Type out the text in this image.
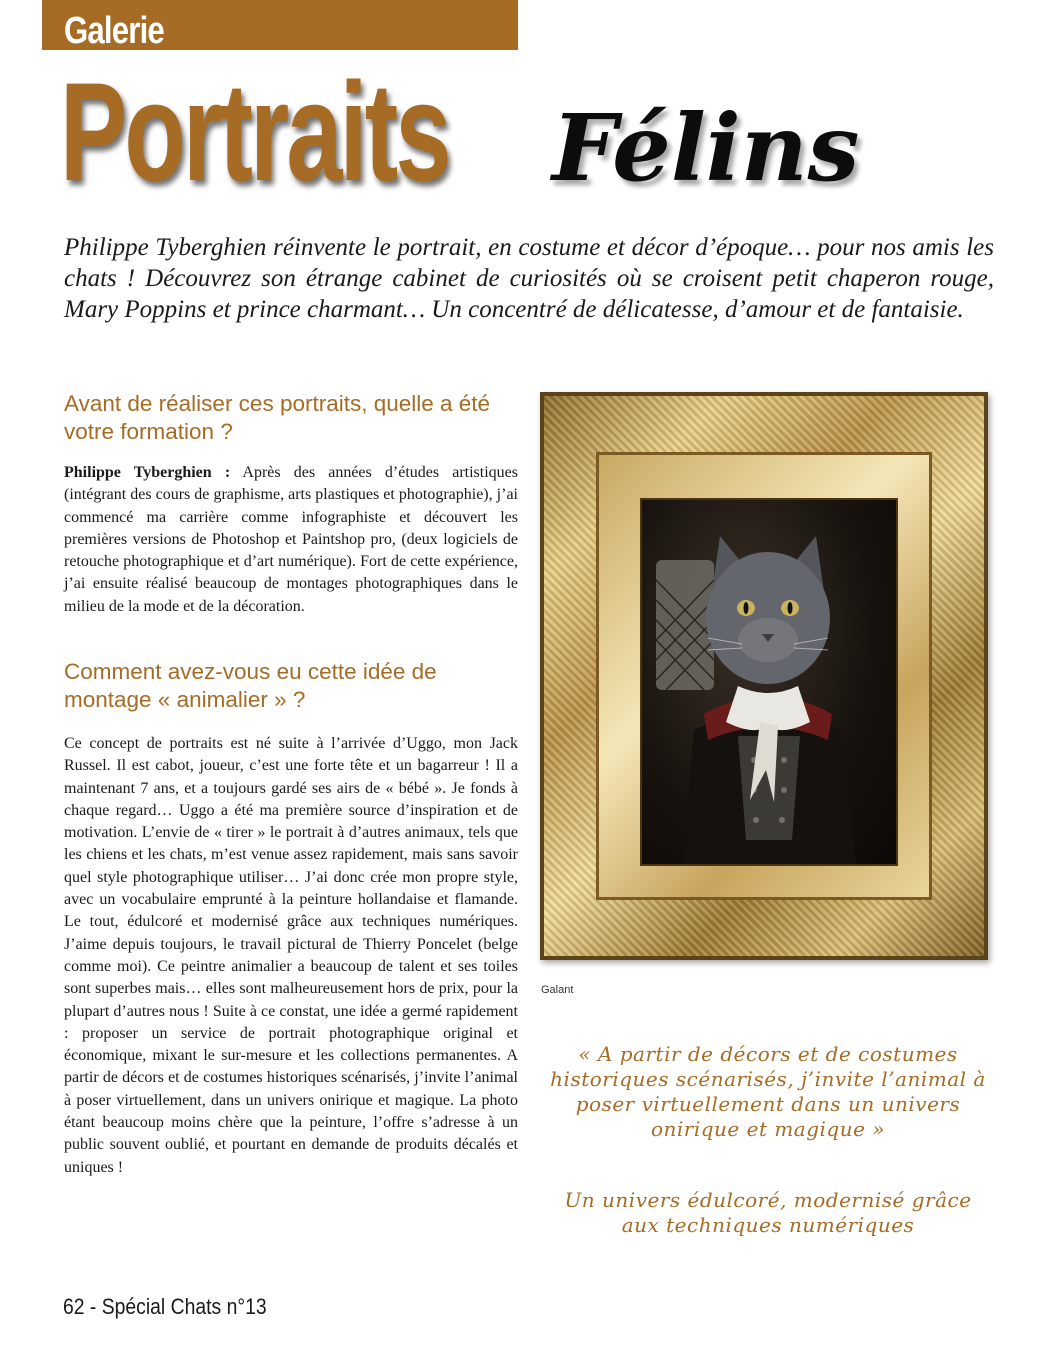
Galerie
Portraits Félins
Philippe Tyberghien réinvente le portrait, en costume et décor d’époque… pour nos amis les chats ! Découvrez son étrange cabinet de curiosités où se croisent petit chaperon rouge, Mary Poppins et prince charmant… Un concentré de délicatesse, d’amour et de fantaisie.
Avant de réaliser ces portraits, quelle a été votre formation ?
Philippe Tyberghien : Après des années d’études artistiques (intégrant des cours de graphisme, arts plastiques et photographie), j’ai commencé ma carrière comme infographiste et découvert les premières versions de Photoshop et Paintshop pro, (deux logiciels de retouche photographique et d’art numérique). Fort de cette expérience, j’ai ensuite réalisé beaucoup de montages photographiques dans le milieu de la mode et de la décoration.
Comment avez-vous eu cette idée de montage « animalier » ?
Ce concept de portraits est né suite à l’arrivée d’Uggo, mon Jack Russel. Il est cabot, joueur, c’est une forte tête et un bagarreur ! Il a maintenant 7 ans, et a toujours gardé ses airs de « bébé ». Je fonds à chaque regard… Uggo a été ma première source d’inspiration et de motivation. L’envie de « tirer » le portrait à d’autres animaux, tels que les chiens et les chats, m’est venue assez rapidement, mais sans savoir quel style photographique utiliser… J’ai donc crée mon propre style, avec un vocabulaire emprunté à la peinture hollandaise et flamande. Le tout, édulcoré et modernisé grâce aux techniques numériques. J’aime depuis toujours, le travail pictural de Thierry Poncelet (belge comme moi). Ce peintre animalier a beaucoup de talent et ses toiles sont superbes mais… elles sont malheureusement hors de prix, pour la plupart d’autres nous ! Suite à ce constat, une idée a germé rapidement : proposer un service de portrait photographique original et économique, mixant le sur-mesure et les collections permanentes. A partir de décors et de costumes historiques scénarisés, j’invite l’animal à poser virtuellement, dans un univers onirique et magique. La photo étant beaucoup moins chère que la peinture, l’offre s’adresse à un public souvent oublié, et pourtant en demande de produits décalés et uniques !
Galant
« A partir de décors et de costumes historiques scénarisés, j’invite l’animal à poser virtuellement dans un univers onirique et magique »
Un univers édulcoré, modernisé grâce aux techniques numériques
62 - Spécial Chats n°13
